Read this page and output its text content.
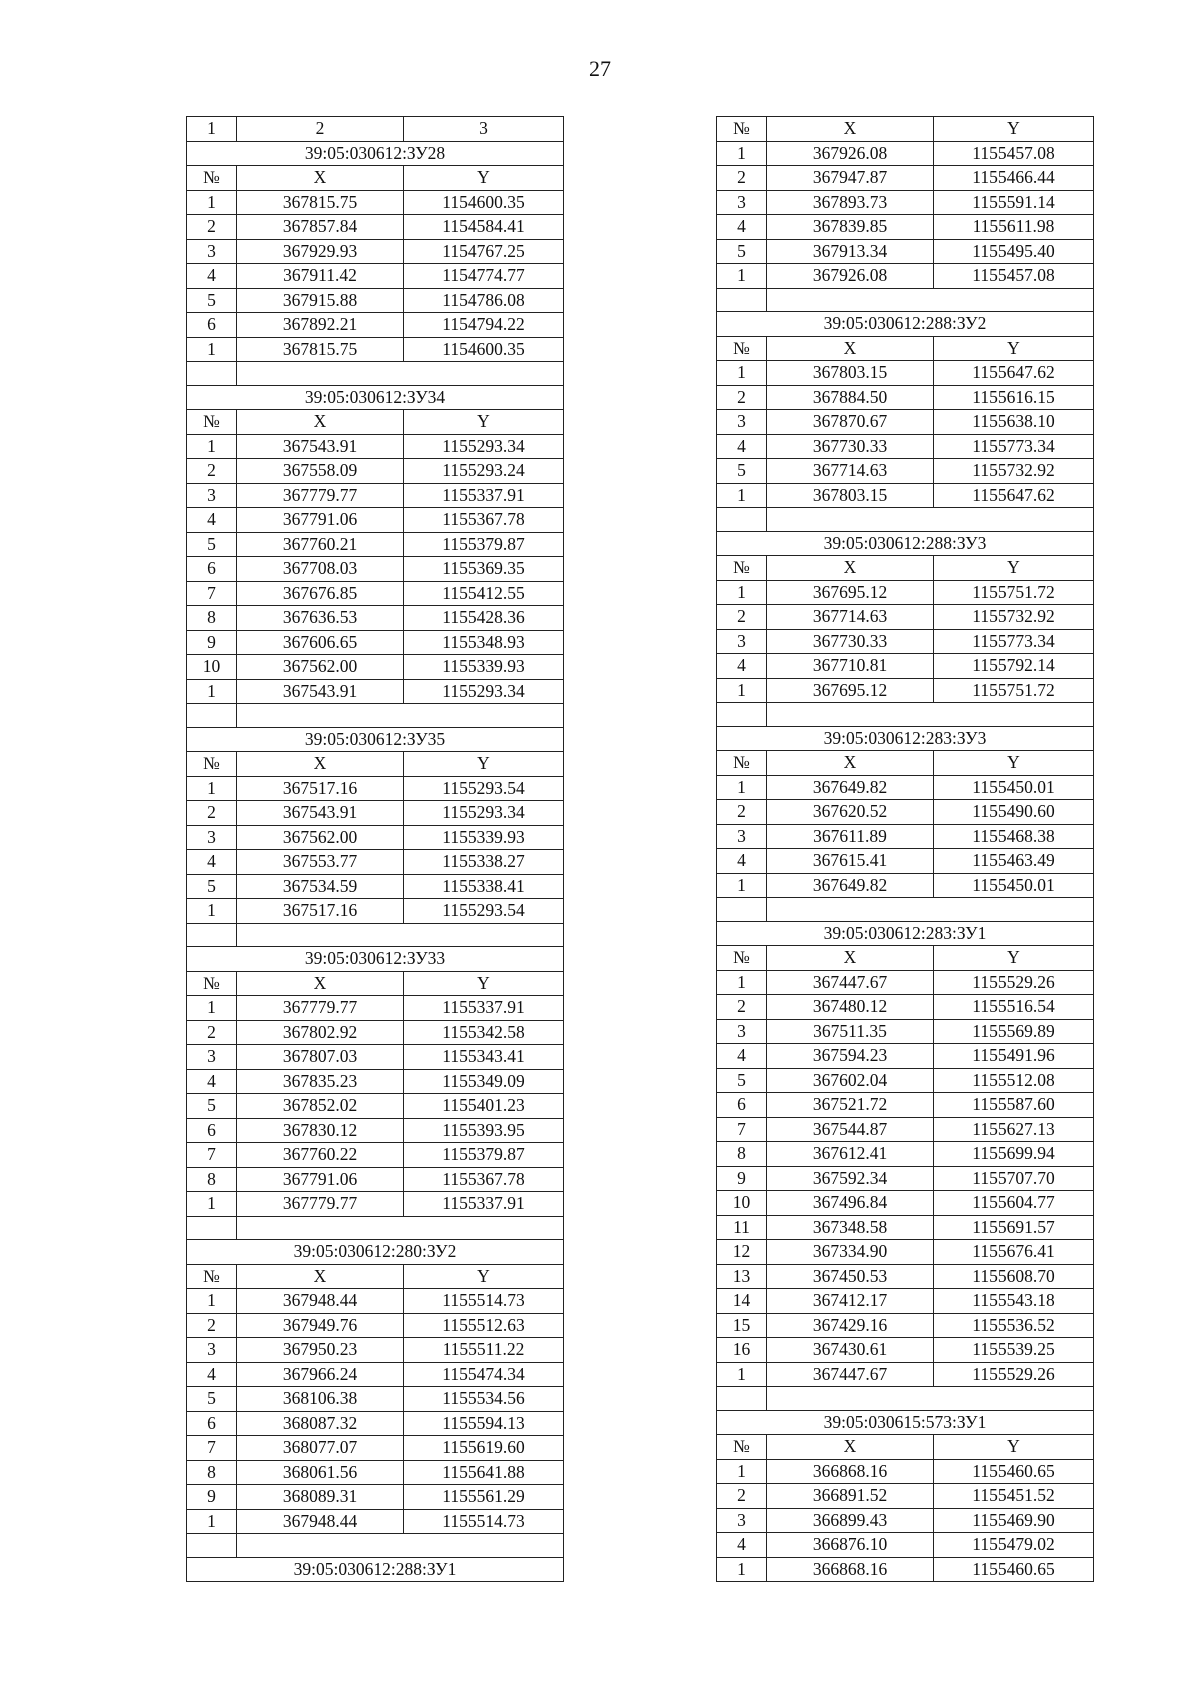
27
1	2	3
39:05:030612:ЗУ28		
№	X	Y
1	367815.75	1154600.35
2	367857.84	1154584.41
3	367929.93	1154767.25
4	367911.42	1154774.77
5	367915.88	1154786.08
6	367892.21	1154794.22
1	367815.75	1154600.35

39:05:030612:ЗУ34		
№	X	Y
1	367543.91	1155293.34
2	367558.09	1155293.24
3	367779.77	1155337.91
4	367791.06	1155367.78
5	367760.21	1155379.87
6	367708.03	1155369.35
7	367676.85	1155412.55
8	367636.53	1155428.36
9	367606.65	1155348.93
10	367562.00	1155339.93
1	367543.91	1155293.34

39:05:030612:ЗУ35		
№	X	Y
1	367517.16	1155293.54
2	367543.91	1155293.34
3	367562.00	1155339.93
4	367553.77	1155338.27
5	367534.59	1155338.41
1	367517.16	1155293.54

39:05:030612:ЗУ33		
№	X	Y
1	367779.77	1155337.91
2	367802.92	1155342.58
3	367807.03	1155343.41
4	367835.23	1155349.09
5	367852.02	1155401.23
6	367830.12	1155393.95
7	367760.22	1155379.87
8	367791.06	1155367.78
1	367779.77	1155337.91

39:05:030612:280:ЗУ2		
№	X	Y
1	367948.44	1155514.73
2	367949.76	1155512.63
3	367950.23	1155511.22
4	367966.24	1155474.34
5	368106.38	1155534.56
6	368087.32	1155594.13
7	368077.07	1155619.60
8	368061.56	1155641.88
9	368089.31	1155561.29
1	367948.44	1155514.73

39:05:030612:288:ЗУ1		
№	X	Y
1	367926.08	1155457.08
2	367947.87	1155466.44
3	367893.73	1155591.14
4	367839.85	1155611.98
5	367913.34	1155495.40
1	367926.08	1155457.08

39:05:030612:288:ЗУ2		
№	X	Y
1	367803.15	1155647.62
2	367884.50	1155616.15
3	367870.67	1155638.10
4	367730.33	1155773.34
5	367714.63	1155732.92
1	367803.15	1155647.62

39:05:030612:288:ЗУ3		
№	X	Y
1	367695.12	1155751.72
2	367714.63	1155732.92
3	367730.33	1155773.34
4	367710.81	1155792.14
1	367695.12	1155751.72

39:05:030612:283:ЗУ3		
№	X	Y
1	367649.82	1155450.01
2	367620.52	1155490.60
3	367611.89	1155468.38
4	367615.41	1155463.49
1	367649.82	1155450.01

39:05:030612:283:ЗУ1		
№	X	Y
1	367447.67	1155529.26
2	367480.12	1155516.54
3	367511.35	1155569.89
4	367594.23	1155491.96
5	367602.04	1155512.08
6	367521.72	1155587.60
7	367544.87	1155627.13
8	367612.41	1155699.94
9	367592.34	1155707.70
10	367496.84	1155604.77
11	367348.58	1155691.57
12	367334.90	1155676.41
13	367450.53	1155608.70
14	367412.17	1155543.18
15	367429.16	1155536.52
16	367430.61	1155539.25
1	367447.67	1155529.26

39:05:030615:573:ЗУ1		
№	X	Y
1	366868.16	1155460.65
2	366891.52	1155451.52
3	366899.43	1155469.90
4	366876.10	1155479.02
1	366868.16	1155460.65
